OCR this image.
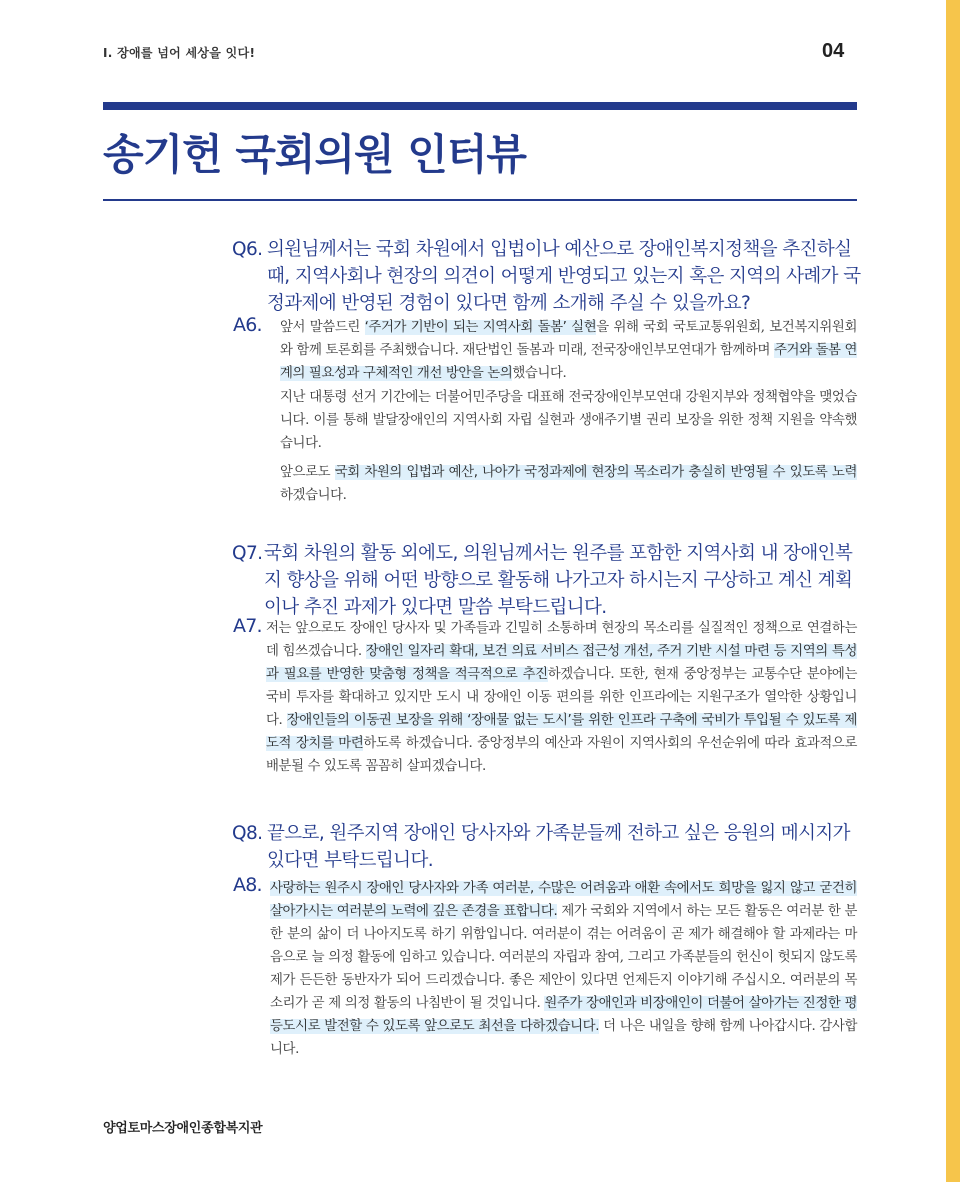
Ⅰ. 장애를 넘어 세상을 잇다!	04
송기헌 국회의원 인터뷰
Q6. 의원님께서는 국회 차원에서 입법이나 예산으로 장애인복지정책을 추진하실 때, 지역사회나 현장의 의견이 어떻게 반영되고 있는지 혹은 지역의 사례가 국정과제에 반영된 경험이 있다면 함께 소개해 주실 수 있을까요?
A6. 앞서 말씀드린 ‘주거가 기반이 되는 지역사회 돌봄’ 실현을 위해 국회 국토교통위원회, 보건복지위원회와 함께 토론회를 주최했습니다. 재단법인 돌봄과 미래, 전국장애인부모연대가 함께하며 주거와 돌봄 연계의 필요성과 구체적인 개선 방안을 논의했습니다.

지난 대통령 선거 기간에는 더불어민주당을 대표해 전국장애인부모연대 강원지부와 정책협약을 맺었습니다. 이를 통해 발달장애인의 지역사회 자립 실현과 생애주기별 권리 보장을 위한 정책 지원을 약속했습니다.

앞으로도 국회 차원의 입법과 예산, 나아가 국정과제에 현장의 목소리가 충실히 반영될 수 있도록 노력하겠습니다.

Q7. 국회 차원의 활동 외에도, 의원님께서는 원주를 포함한 지역사회 내 장애인복지 향상을 위해 어떤 방향으로 활동해 나가고자 하시는지 구상하고 계신 계획이나 추진 과제가 있다면 말씀 부탁드립니다.
A7. 저는 앞으로도 장애인 당사자 및 가족들과 긴밀히 소통하며 현장의 목소리를 실질적인 정책으로 연결하는 데 힘쓰겠습니다. 장애인 일자리 확대, 보건 의료 서비스 접근성 개선, 주거 기반 시설 마련 등 지역의 특성과 필요를 반영한 맞춤형 정책을 적극적으로 추진하겠습니다. 또한, 현재 중앙정부는 교통수단 분야에는 국비 투자를 확대하고 있지만 도시 내 장애인 이동 편의를 위한 인프라에는 지원구조가 열악한 상황입니다. 장애인들의 이동권 보장을 위해 ‘장애물 없는 도시’를 위한 인프라 구축에 국비가 투입될 수 있도록 제도적 장치를 마련하도록 하겠습니다. 중앙정부의 예산과 자원이 지역사회의 우선순위에 따라 효과적으로 배분될 수 있도록 꼼꼼히 살피겠습니다.

Q8. 끝으로, 원주지역 장애인 당사자와 가족분들께 전하고 싶은 응원의 메시지가 있다면 부탁드립니다.
A8. 사랑하는 원주시 장애인 당사자와 가족 여러분, 수많은 어려움과 애환 속에서도 희망을 잃지 않고 굳건히 살아가시는 여러분의 노력에 깊은 존경을 표합니다. 제가 국회와 지역에서 하는 모든 활동은 여러분 한 분 한 분의 삶이 더 나아지도록 하기 위함입니다. 여러분이 겪는 어려움이 곧 제가 해결해야 할 과제라는 마음으로 늘 의정 활동에 임하고 있습니다. 여러분의 자립과 참여, 그리고 가족분들의 헌신이 헛되지 않도록 제가 든든한 동반자가 되어 드리겠습니다. 좋은 제안이 있다면 언제든지 이야기해 주십시오. 여러분의 목소리가 곧 제 의정 활동의 나침반이 될 것입니다. 원주가 장애인과 비장애인이 더불어 살아가는 진정한 평등도시로 발전할 수 있도록 앞으로도 최선을 다하겠습니다. 더 나은 내일을 향해 함께 나아갑시다. 감사합니다.

양업토마스장애인종합복지관
